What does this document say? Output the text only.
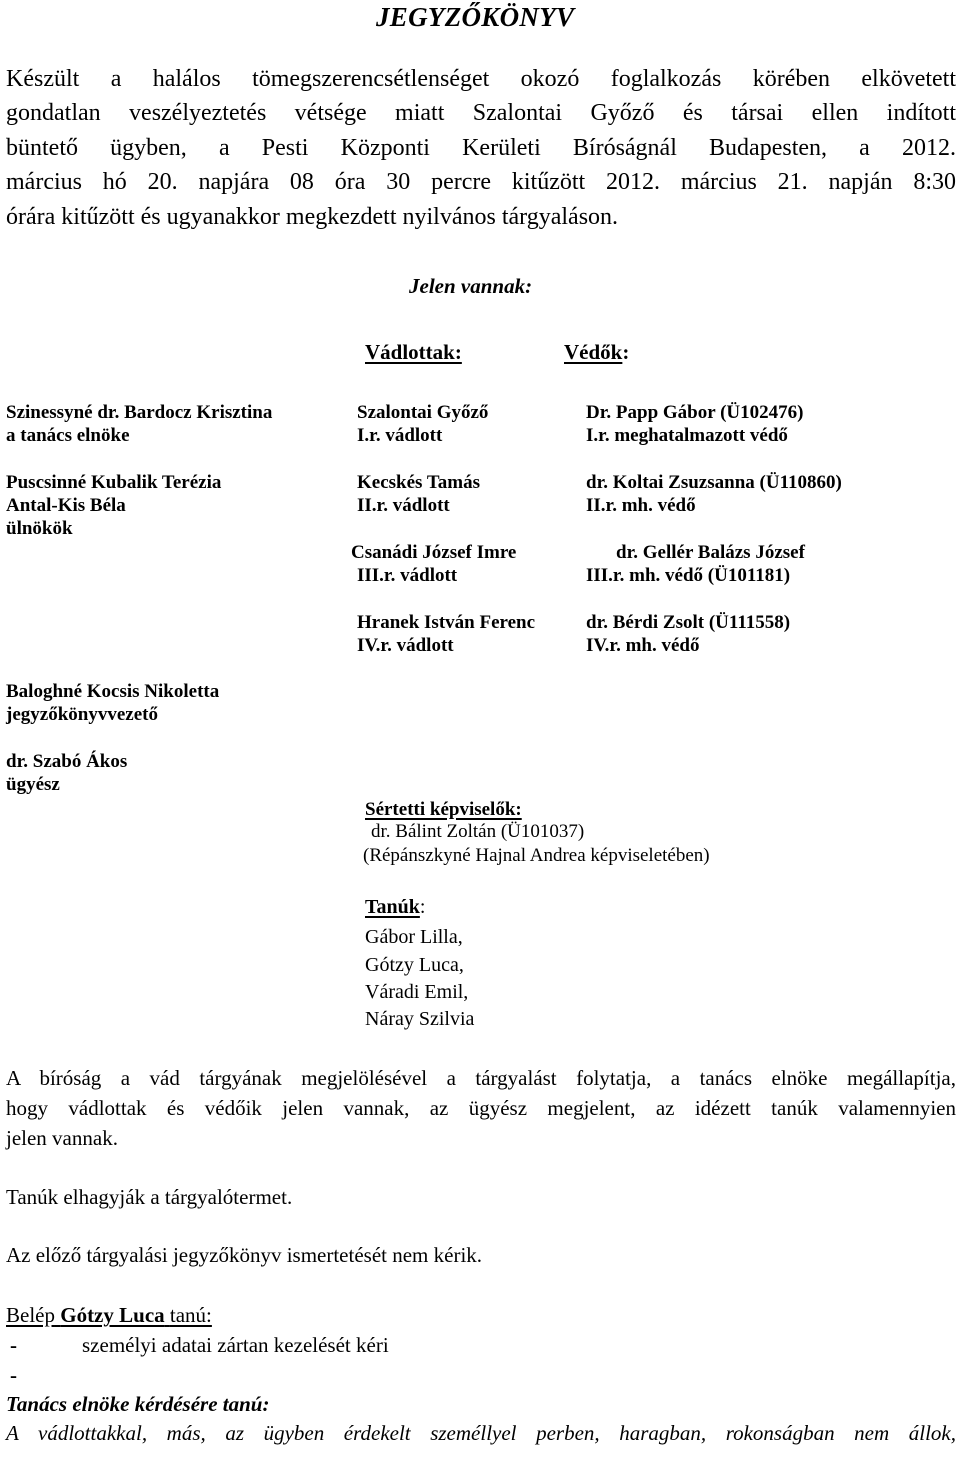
JEGYZŐKÖNYV
Készült a halálos tömegszerencsétlenséget okozó foglalkozás körében elkövetett
gondatlan veszélyeztetés vétsége miatt Szalontai Győző és társai ellen indított
büntető ügyben, a Pesti Központi Kerületi Bíróságnál Budapesten, a 2012.
március hó 20. napjára 08 óra 30 percre kitűzött 2012. március 21. napján 8:30
órára kitűzött és ugyanakkor megkezdett nyilvános tárgyaláson.
Jelen vannak:
Vádlottak:	Védők:
Szinessyné dr. Bardocz Krisztina
a tanács elnöke
Puscsinné Kubalik Terézia
Antal-Kis Béla
ülnökök
Baloghné Kocsis Nikoletta
jegyzőkönyvvezető
dr. Szabó Ákos
ügyész
Szalontai Győző
I.r. vádlott
Kecskés Tamás
II.r. vádlott
Csanádi József Imre
III.r. vádlott
Hranek István Ferenc
IV.r. vádlott
Dr. Papp Gábor (Ü102476)
I.r. meghatalmazott védő
dr. Koltai Zsuzsanna (Ü110860)
II.r. mh. védő
dr. Gellér Balázs József
III.r. mh. védő (Ü101181)
dr. Bérdi Zsolt (Ü111558)
IV.r. mh. védő
Sértetti képviselők:
dr. Bálint Zoltán (Ü101037)
(Répánszkyné Hajnal Andrea képviseletében)
Tanúk:
Gábor Lilla,
Gótzy Luca,
Váradi Emil,
Náray Szilvia
A bíróság a vád tárgyának megjelölésével a tárgyalást folytatja, a tanács elnöke megállapítja,
hogy vádlottak és védőik jelen vannak, az ügyész megjelent, az idézett tanúk valamennyien
jelen vannak.
Tanúk elhagyják a tárgyalótermet.
Az előző tárgyalási jegyzőkönyv ismertetését nem kérik.
Belép Gótzy Luca tanú:
-	személyi adatai zártan kezelését kéri
-
Tanács elnöke kérdésére tanú:
A vádlottakkal, más, az ügyben érdekelt személlyel perben, haragban, rokonságban nem állok,
